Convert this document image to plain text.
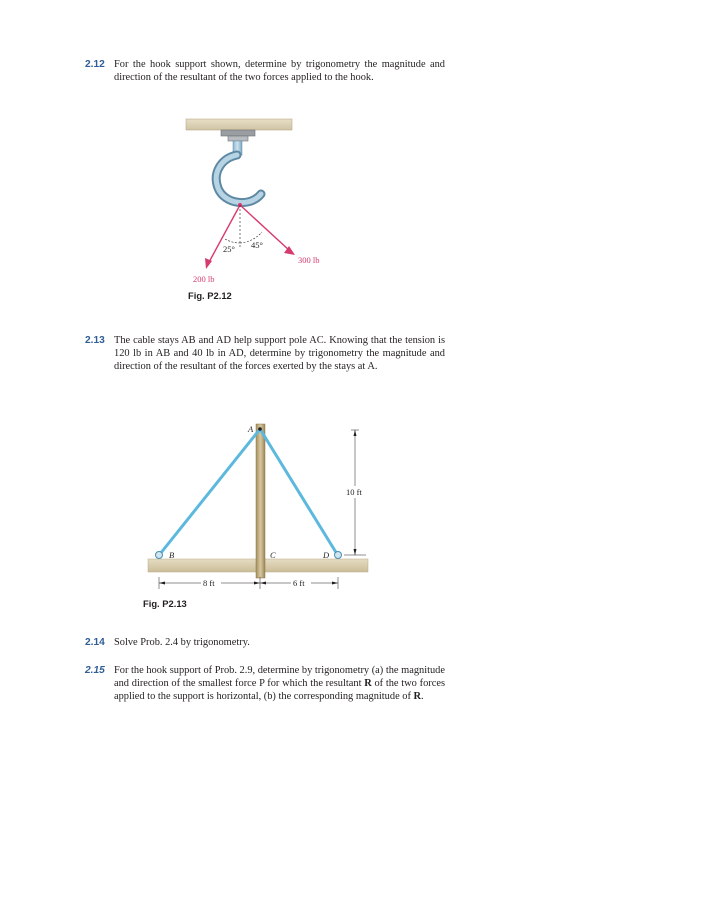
2.12 For the hook support shown, determine by trigonometry the magnitude and direction of the resultant of the two forces applied to the hook.
25° 45°
200 lb
300 lb
Fig. P2.12
2.13 The cable stays AB and AD help support pole AC. Knowing that the tension is 120 lb in AB and 40 lb in AD, determine by trigonometry the magnitude and direction of the resultant of the forces exerted by the stays at A.
A
B	C	D
10 ft
8 ft	6 ft
Fig. P2.13
2.14 Solve Prob. 2.4 by trigonometry.
2.15 For the hook support of Prob. 2.9, determine by trigonometry (a) the magnitude and direction of the smallest force P for which the resultant R of the two forces applied to the support is horizontal, (b) the corresponding magnitude of R.
